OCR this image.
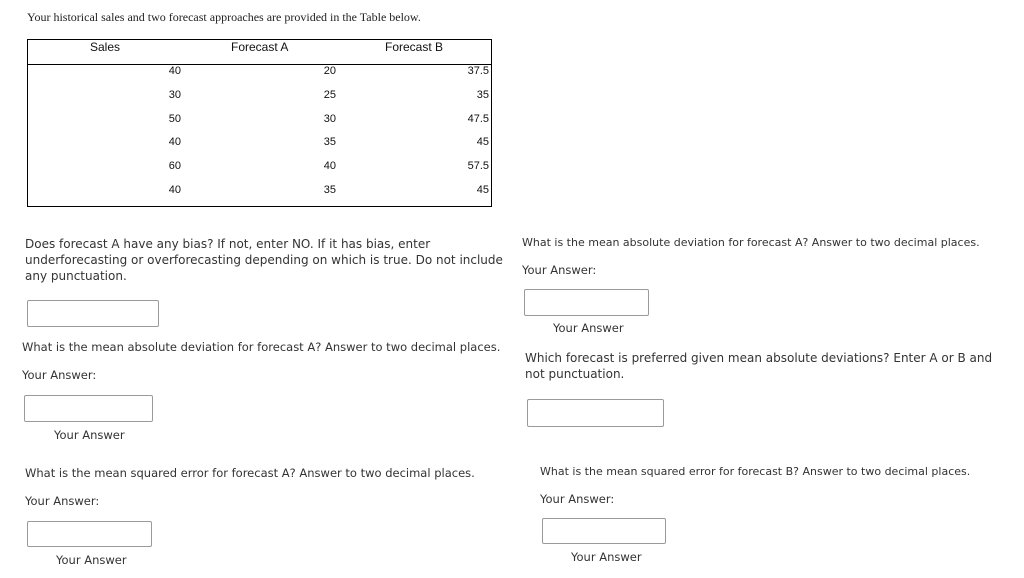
Your historical sales and two forecast approaches are provided in the Table below.
Sales	Forecast A	Forecast B
40	20	37.5
30	25	35
50	30	47.5
40	35	45
60	40	57.5
40	35	45
Does forecast A have any bias? If not, enter NO. If it has bias, enter underforecasting or overforecasting depending on which is true. Do not include any punctuation.
What is the mean absolute deviation for forecast A? Answer to two decimal places.
Your Answer:
Your Answer
What is the mean squared error for forecast A? Answer to two decimal places.
Your Answer:
Your Answer
What is the mean absolute deviation for forecast A? Answer to two decimal places.
Your Answer:
Your Answer
Which forecast is preferred given mean absolute deviations? Enter A or B and not punctuation.
What is the mean squared error for forecast B? Answer to two decimal places.
Your Answer:
Your Answer
